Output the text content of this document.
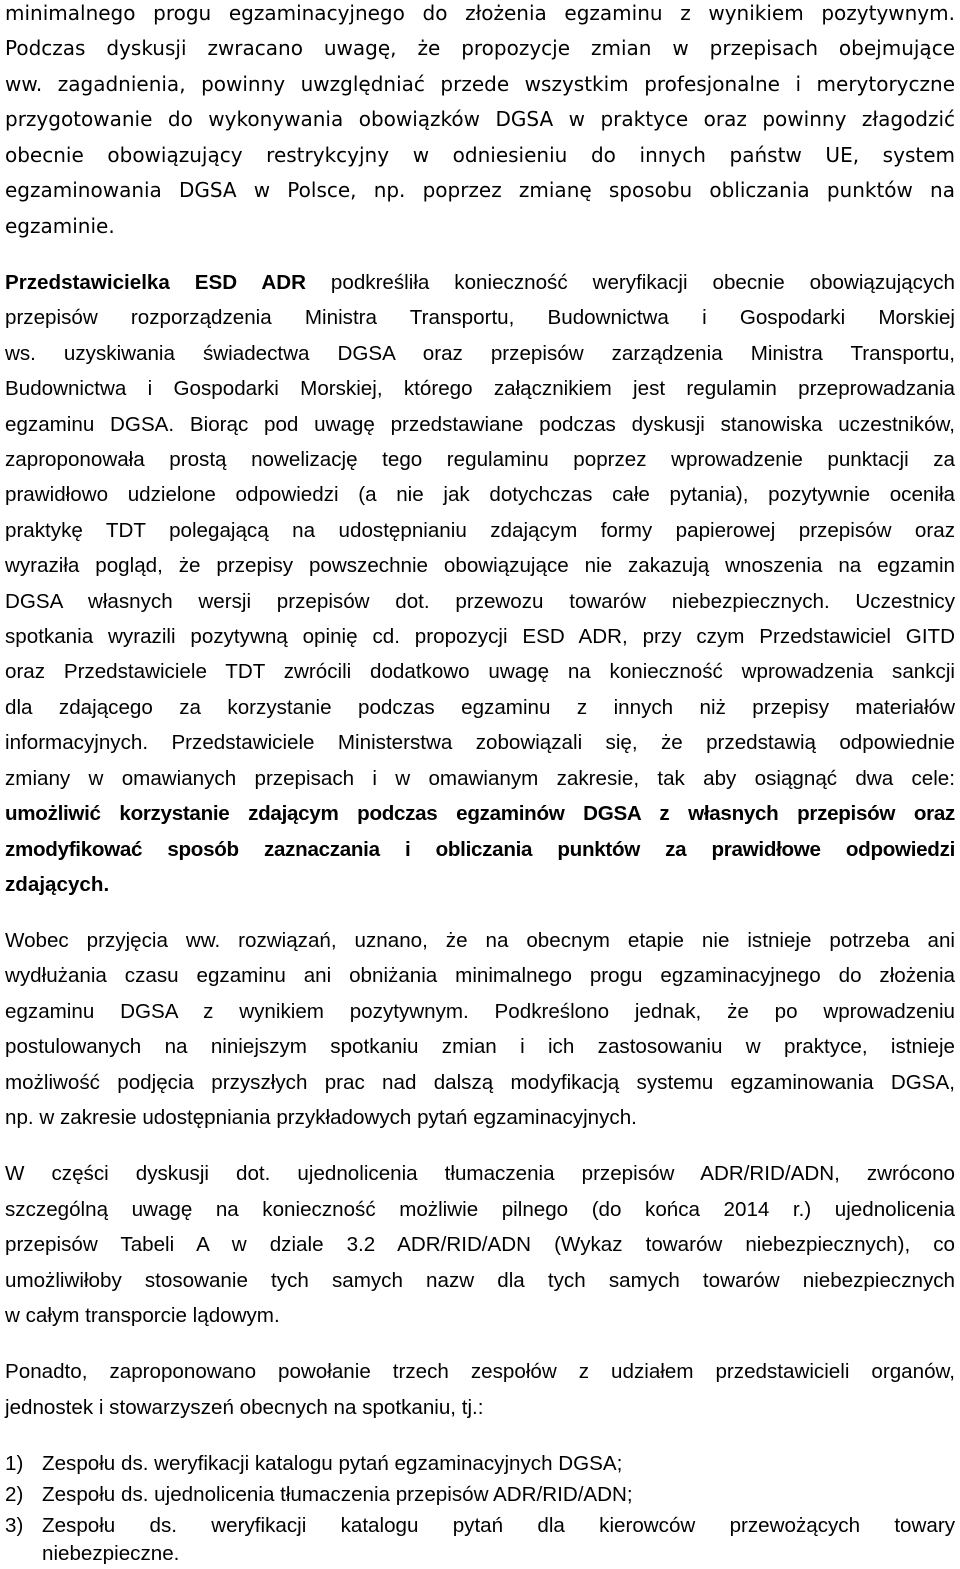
minimalnego progu egzaminacyjnego do złożenia egzaminu z wynikiem pozytywnym.
Podczas dyskusji zwracano uwagę, że propozycje zmian w przepisach obejmujące
ww. zagadnienia, powinny uwzględniać przede wszystkim profesjonalne i merytoryczne
przygotowanie do wykonywania obowiązków DGSA w praktyce oraz powinny złagodzić
obecnie obowiązujący restrykcyjny w odniesieniu do innych państw UE, system
egzaminowania DGSA w Polsce, np. poprzez zmianę sposobu obliczania punktów na
egzaminie.
Przedstawicielka ESD ADR podkreśliła konieczność weryfikacji obecnie obowiązujących
przepisów rozporządzenia Ministra Transportu, Budownictwa i Gospodarki Morskiej
ws. uzyskiwania świadectwa DGSA oraz przepisów zarządzenia Ministra Transportu,
Budownictwa i Gospodarki Morskiej, którego załącznikiem jest regulamin przeprowadzania
egzaminu DGSA. Biorąc pod uwagę przedstawiane podczas dyskusji stanowiska uczestników,
zaproponowała prostą nowelizację tego regulaminu poprzez wprowadzenie punktacji za
prawidłowo udzielone odpowiedzi (a nie jak dotychczas całe pytania), pozytywnie oceniła
praktykę TDT polegającą na udostępnianiu zdającym formy papierowej przepisów oraz
wyraziła pogląd, że przepisy powszechnie obowiązujące nie zakazują wnoszenia na egzamin
DGSA własnych wersji przepisów dot. przewozu towarów niebezpiecznych. Uczestnicy
spotkania wyrazili pozytywną opinię cd. propozycji ESD ADR, przy czym Przedstawiciel GITD
oraz Przedstawiciele TDT zwrócili dodatkowo uwagę na konieczność wprowadzenia sankcji
dla zdającego za korzystanie podczas egzaminu z innych niż przepisy materiałów
informacyjnych. Przedstawiciele Ministerstwa zobowiązali się, że przedstawią odpowiednie
zmiany w omawianych przepisach i w omawianym zakresie, tak aby osiągnąć dwa cele:
umożliwić korzystanie zdającym podczas egzaminów DGSA z własnych przepisów oraz
zmodyfikować sposób zaznaczania i obliczania punktów za prawidłowe odpowiedzi
zdających.
Wobec przyjęcia ww. rozwiązań, uznano, że na obecnym etapie nie istnieje potrzeba ani
wydłużania czasu egzaminu ani obniżania minimalnego progu egzaminacyjnego do złożenia
egzaminu DGSA z wynikiem pozytywnym. Podkreślono jednak, że po wprowadzeniu
postulowanych na niniejszym spotkaniu zmian i ich zastosowaniu w praktyce, istnieje
możliwość podjęcia przyszłych prac nad dalszą modyfikacją systemu egzaminowania DGSA,
np. w zakresie udostępniania przykładowych pytań egzaminacyjnych.
W części dyskusji dot. ujednolicenia tłumaczenia przepisów ADR/RID/ADN, zwrócono
szczególną uwagę na konieczność możliwie pilnego (do końca 2014 r.) ujednolicenia
przepisów Tabeli A w dziale 3.2 ADR/RID/ADN (Wykaz towarów niebezpiecznych), co
umożliwiłoby stosowanie tych samych nazw dla tych samych towarów niebezpiecznych
w całym transporcie lądowym.
Ponadto, zaproponowano powołanie trzech zespołów z udziałem przedstawicieli organów,
jednostek i stowarzyszeń obecnych na spotkaniu, tj.:
1) Zespołu ds. weryfikacji katalogu pytań egzaminacyjnych DGSA;
2) Zespołu ds. ujednolicenia tłumaczenia przepisów ADR/RID/ADN;
3) Zespołu ds. weryfikacji katalogu pytań dla kierowców przewożących towary
niebezpieczne.
